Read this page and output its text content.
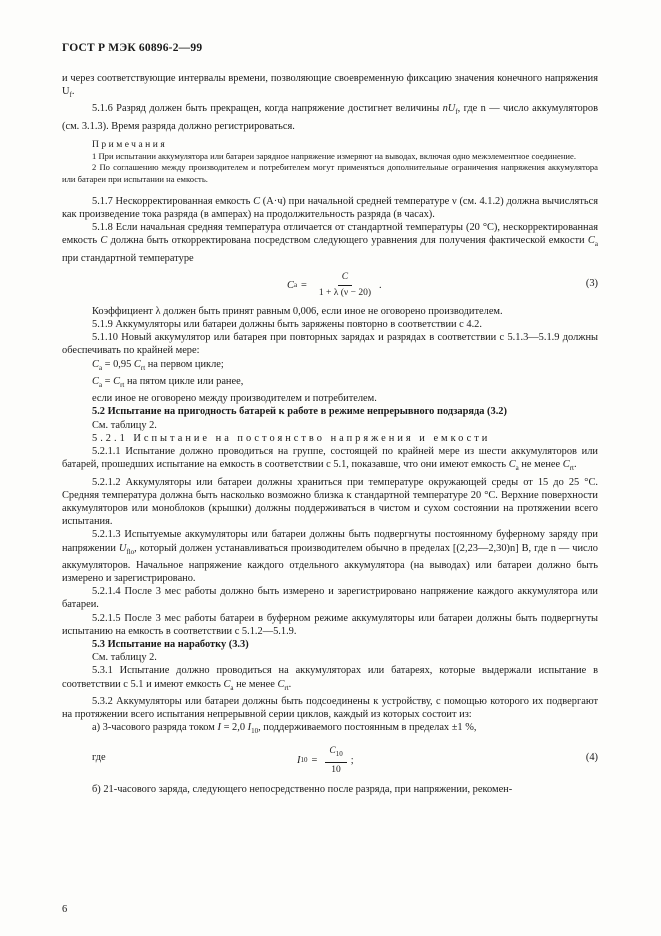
ГОСТ Р МЭК 60896-2—99

и через соответствующие интервалы времени, позволяющие своевременную фиксацию значения конечного напряжения $U_f$.

5.1.6 Разряд должен быть прекращен, когда напряжение достигнет величины $nU_f$, где n — число аккумуляторов (см. 3.1.3). Время разряда должно регистрироваться.

Примечания

1 При испытании аккумулятора или батареи зарядное напряжение измеряют на выводах, включая одно межэлементное соединение.

2 По соглашению между производителем и потребителем могут применяться дополнительные ограничения напряжения аккумулятора или батареи при испытании на емкость.

5.1.7 Нескорректированная емкость C (А·ч) при начальной средней температуре ν (см. 4.1.2) должна вычисляться как произведение тока разряда (в амперах) на продолжительность разряда (в часах).

5.1.8 Если начальная средняя температура отличается от стандартной температуры (20 °С), нескорректированная емкость C должна быть откорректирована посредством следующего уравнения для получения фактической емкости $C_a$ при стандартной температуре

C $a = \frac{C}{1 + \lambda (\nu - 20)}$ .	(3)

Коэффициент λ должен быть принят равным 0,006, если иное не оговорено производителем.

5.1.9 Аккумуляторы или батареи должны быть заряжены повторно в соответствии с 4.2.

5.1.10 Новый аккумулятор или батарея при повторных зарядах и разрядах в соответствии с 5.1.3—5.1.9 должны обеспечивать по крайней мере:

$C_a = 0,95$ $C_{rt}$ на первом цикле;

$C_a = C_{rt}$ на пятом цикле или ранее,

если иное не оговорено между производителем и потребителем.

5.2 Испытание на пригодность батарей к работе в режиме непрерывного подзаряда (3.2)

См. таблицу 2.

5.2.1 Испытание на постоянство напряжения и емкости

5.2.1.1 Испытание должно проводиться на группе, состоящей по крайней мере из шести аккумуляторов или батарей, прошедших испытание на емкость в соответствии с 5.1, показавше, что они имеют емкость $C_a$ не менее $C_{rt}$.

5.2.1.2 Аккумуляторы или батареи должны храниться при температуре окружающей среды от 15 до 25 °С. Средняя температура должна быть насколько возможно близка к стандартной температуре 20 °С. Верхние поверхности аккумуляторов или моноблоков (крышки) должны поддерживаться в чистом и сухом состоянии на протяжении всего испытания.

5.2.1.3 Испытуемые аккумуляторы или батареи должны быть подвергнуты постоянному буферному заряду при напряжении $U_{flo}$, который должен устанавливаться производителем обычно в пределах [(2,23—2,30)n] В, где n — число аккумуляторов. Начальное напряжение каждого отдельного аккумулятора (на выводах) или батареи должно быть измерено и зарегистрировано.

5.2.1.4 После 3 мес работы должно быть измерено и зарегистрировано напряжение каждого аккумулятора или батареи.

5.2.1.5 После 3 мес работы батареи в буферном режиме аккумуляторы или батареи должны быть подвергнуты испытанию на емкость в соответствии с 5.1.2—5.1.9.

5.3 Испытание на наработку (3.3)

См. таблицу 2.

5.3.1 Испытание должно проводиться на аккумуляторах или батареях, которые выдержали испытание в соответствии с 5.1 и имеют емкость $C_a$ не менее $C_{rt}$.

5.3.2 Аккумуляторы или батареи должны быть подсоединены к устройству, с помощью которого их подвергают на протяжении всего испытания непрерывной серии циклов, каждый из которых состоит из:

а) 3-часового разряда током I = 2,0 $I_{10}$, поддерживаемого постоянным в пределах ±1 %,

где	I $10 = \frac{C_{10}}{10}$ ;	(4)

б) 21-часового заряда, следующего непосредственно после разряда, при напряжении, рекомен-

6
